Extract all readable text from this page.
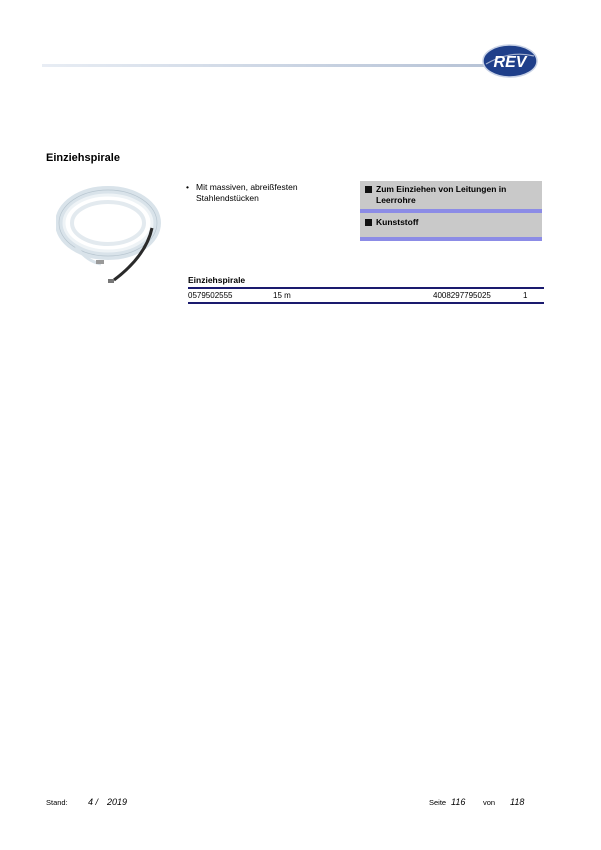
REV
Einziehspirale
• Mit massiven, abreißfesten Stahlendstücken
Zum Einziehen von Leitungen in Leerrohre
Kunststoff
Einziehspirale
0579502555	15 m	4008297795025	1
Stand: 4 / 2019	Seite 116 von 118
